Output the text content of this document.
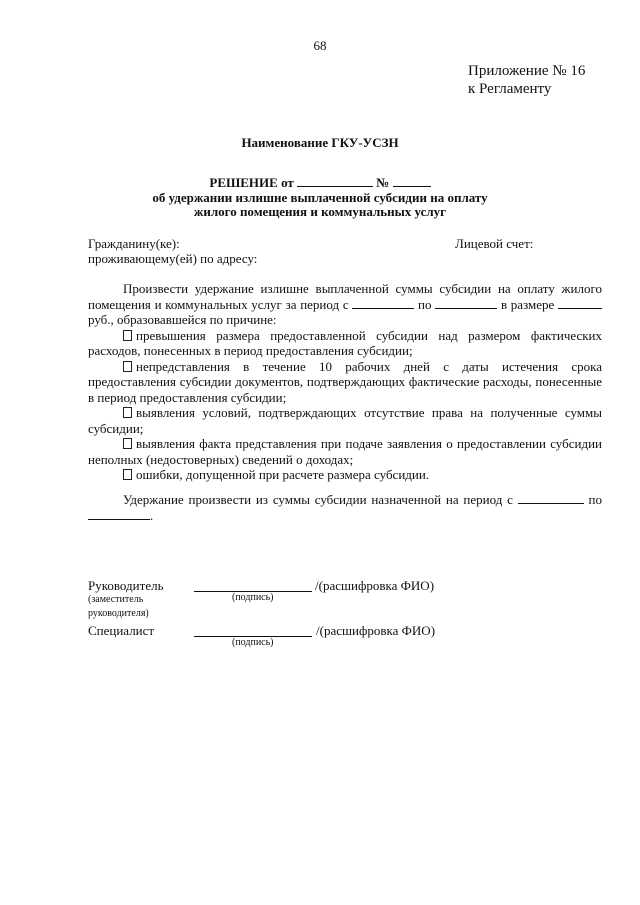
68
Приложение № 16
к Регламенту
Наименование ГКУ-УСЗН
РЕШЕНИЕ от	№
об удержании излишне выплаченной субсидии на оплату
жилого помещения и коммунальных услуг
Гражданину(ке):	Лицевой счет:
проживающему(ей) по адресу:
Произвести удержание излишне выплаченной суммы субсидии на оплату жилого помещения и коммунальных услуг за период с	по	в размере  руб., образовавшейся по причине:
превышения размера предоставленной субсидии над размером фактических расходов, понесенных в период предоставления субсидии;
непредставления в течение 10 рабочих дней с даты истечения срока предоставления субсидии документов, подтверждающих фактические расходы, понесенные в период предоставления субсидии;
выявления условий, подтверждающих отсутствие права на полученные суммы субсидии;
выявления факта представления при подаче заявления о предоставлении субсидии неполных (недостоверных) сведений о доходах;
ошибки, допущенной при расчете размера субсидии.
Удержание произвести из суммы субсидии назначенной на период с	по .
Руководитель	/(расшифровка ФИО)
(заместитель	(подпись)
руководителя)
Специалист	/(расшифровка ФИО)
(подпись)
